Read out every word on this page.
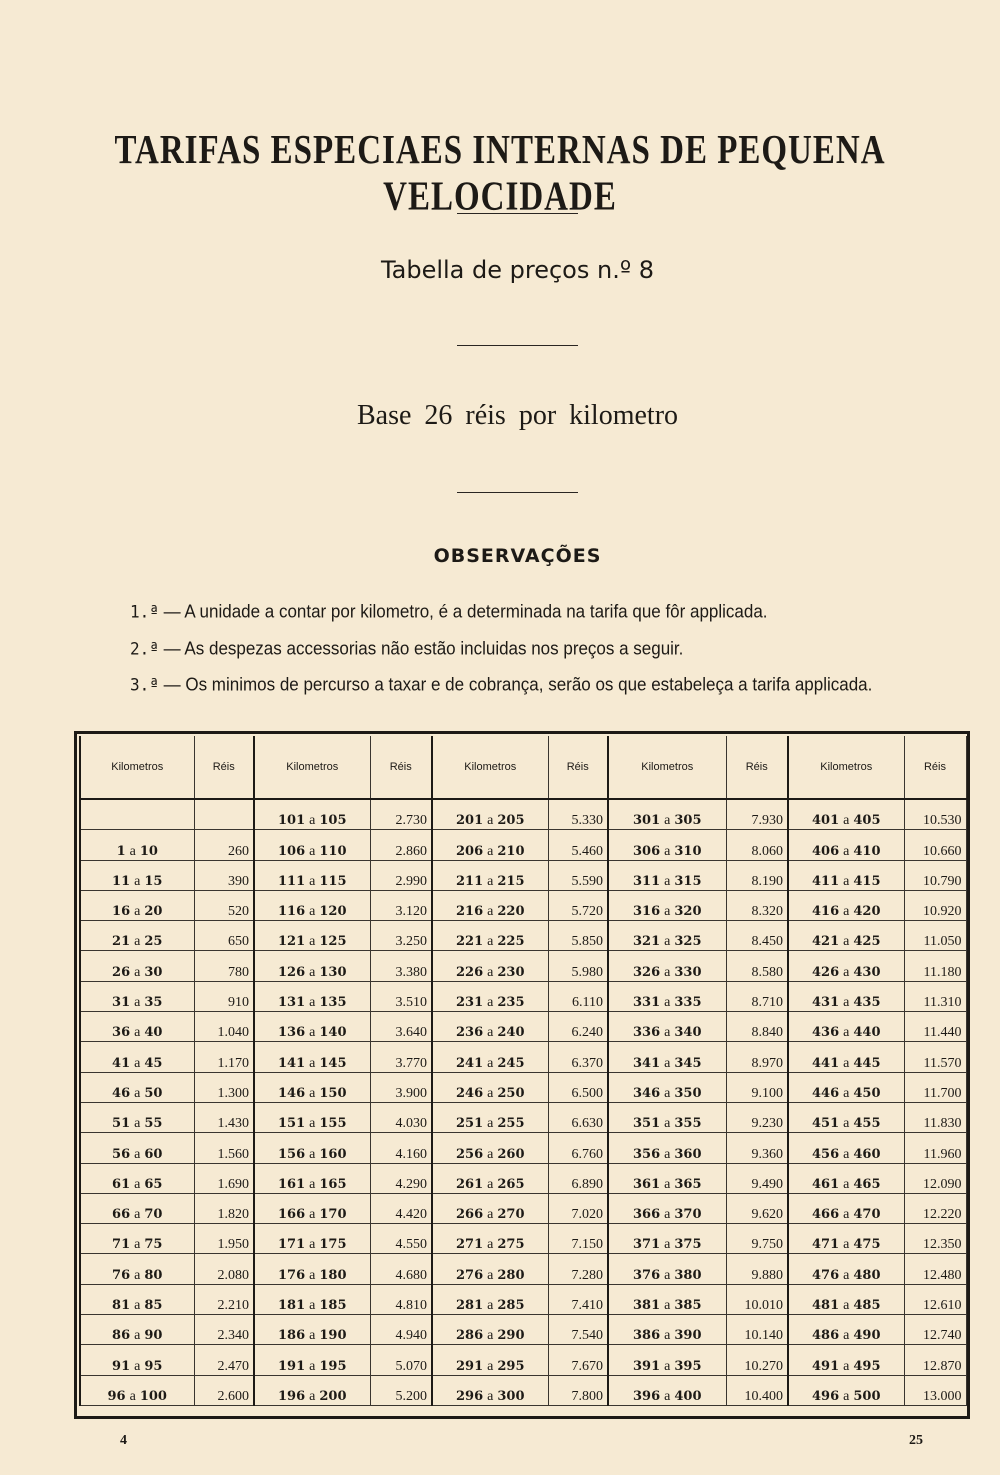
TARIFAS ESPECIAES INTERNAS DE PEQUENA VELOCIDADE
Tabella de preços n.º 8
Base 26 réis por kilometro
OBSERVAÇÕES
1.ª — A unidade a contar por kilometro, é a determinada na tarifa que fôr applicada.
2.ª — As despezas accessorias não estão incluidas nos preços a seguir.
3.ª — Os minimos de percurso a taxar e de cobrança, serão os que estabeleça a tarifa applicada.
Kilometros	Réis	Kilometros	Réis	Kilometros	Réis	Kilometros	Réis	Kilometros	Réis
		101 a 105	2.730	201 a 205	5.330	301 a 305	7.930	401 a 405	10.530
1 a 10	260	106 a 110	2.860	206 a 210	5.460	306 a 310	8.060	406 a 410	10.660
11 a 15	390	111 a 115	2.990	211 a 215	5.590	311 a 315	8.190	411 a 415	10.790
16 a 20	520	116 a 120	3.120	216 a 220	5.720	316 a 320	8.320	416 a 420	10.920
21 a 25	650	121 a 125	3.250	221 a 225	5.850	321 a 325	8.450	421 a 425	11.050
26 a 30	780	126 a 130	3.380	226 a 230	5.980	326 a 330	8.580	426 a 430	11.180
31 a 35	910	131 a 135	3.510	231 a 235	6.110	331 a 335	8.710	431 a 435	11.310
36 a 40	1.040	136 a 140	3.640	236 a 240	6.240	336 a 340	8.840	436 a 440	11.440
41 a 45	1.170	141 a 145	3.770	241 a 245	6.370	341 a 345	8.970	441 a 445	11.570
46 a 50	1.300	146 a 150	3.900	246 a 250	6.500	346 a 350	9.100	446 a 450	11.700
51 a 55	1.430	151 a 155	4.030	251 a 255	6.630	351 a 355	9.230	451 a 455	11.830
56 a 60	1.560	156 a 160	4.160	256 a 260	6.760	356 a 360	9.360	456 a 460	11.960
61 a 65	1.690	161 a 165	4.290	261 a 265	6.890	361 a 365	9.490	461 a 465	12.090
66 a 70	1.820	166 a 170	4.420	266 a 270	7.020	366 a 370	9.620	466 a 470	12.220
71 a 75	1.950	171 a 175	4.550	271 a 275	7.150	371 a 375	9.750	471 a 475	12.350
76 a 80	2.080	176 a 180	4.680	276 a 280	7.280	376 a 380	9.880	476 a 480	12.480
81 a 85	2.210	181 a 185	4.810	281 a 285	7.410	381 a 385	10.010	481 a 485	12.610
86 a 90	2.340	186 a 190	4.940	286 a 290	7.540	386 a 390	10.140	486 a 490	12.740
91 a 95	2.470	191 a 195	5.070	291 a 295	7.670	391 a 395	10.270	491 a 495	12.870
96 a 100	2.600	196 a 200	5.200	296 a 300	7.800	396 a 400	10.400	496 a 500	13.000
4	25
